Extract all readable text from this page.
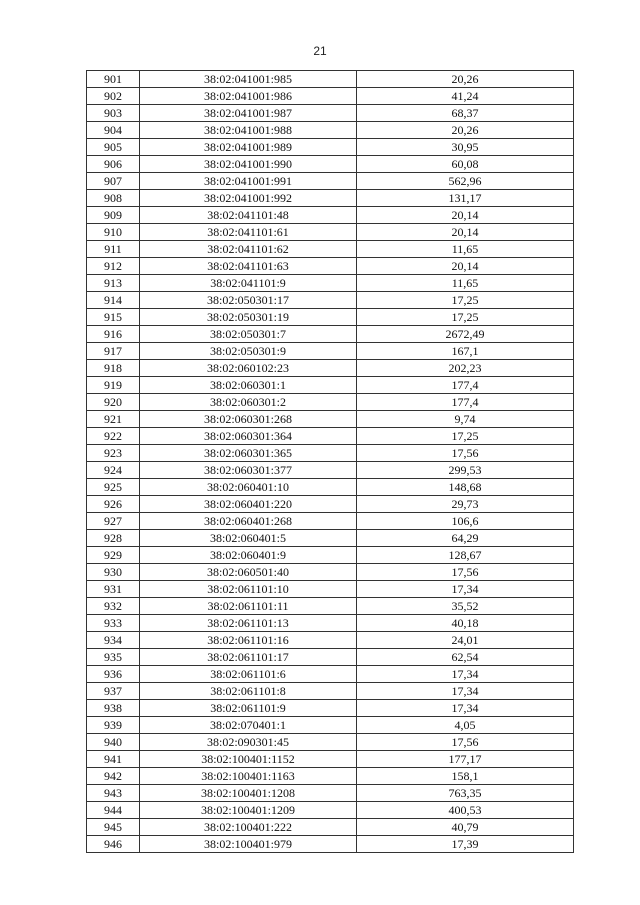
21
901	38:02:041001:985	20,26
902	38:02:041001:986	41,24
903	38:02:041001:987	68,37
904	38:02:041001:988	20,26
905	38:02:041001:989	30,95
906	38:02:041001:990	60,08
907	38:02:041001:991	562,96
908	38:02:041001:992	131,17
909	38:02:041101:48	20,14
910	38:02:041101:61	20,14
911	38:02:041101:62	11,65
912	38:02:041101:63	20,14
913	38:02:041101:9	11,65
914	38:02:050301:17	17,25
915	38:02:050301:19	17,25
916	38:02:050301:7	2672,49
917	38:02:050301:9	167,1
918	38:02:060102:23	202,23
919	38:02:060301:1	177,4
920	38:02:060301:2	177,4
921	38:02:060301:268	9,74
922	38:02:060301:364	17,25
923	38:02:060301:365	17,56
924	38:02:060301:377	299,53
925	38:02:060401:10	148,68
926	38:02:060401:220	29,73
927	38:02:060401:268	106,6
928	38:02:060401:5	64,29
929	38:02:060401:9	128,67
930	38:02:060501:40	17,56
931	38:02:061101:10	17,34
932	38:02:061101:11	35,52
933	38:02:061101:13	40,18
934	38:02:061101:16	24,01
935	38:02:061101:17	62,54
936	38:02:061101:6	17,34
937	38:02:061101:8	17,34
938	38:02:061101:9	17,34
939	38:02:070401:1	4,05
940	38:02:090301:45	17,56
941	38:02:100401:1152	177,17
942	38:02:100401:1163	158,1
943	38:02:100401:1208	763,35
944	38:02:100401:1209	400,53
945	38:02:100401:222	40,79
946	38:02:100401:979	17,39
